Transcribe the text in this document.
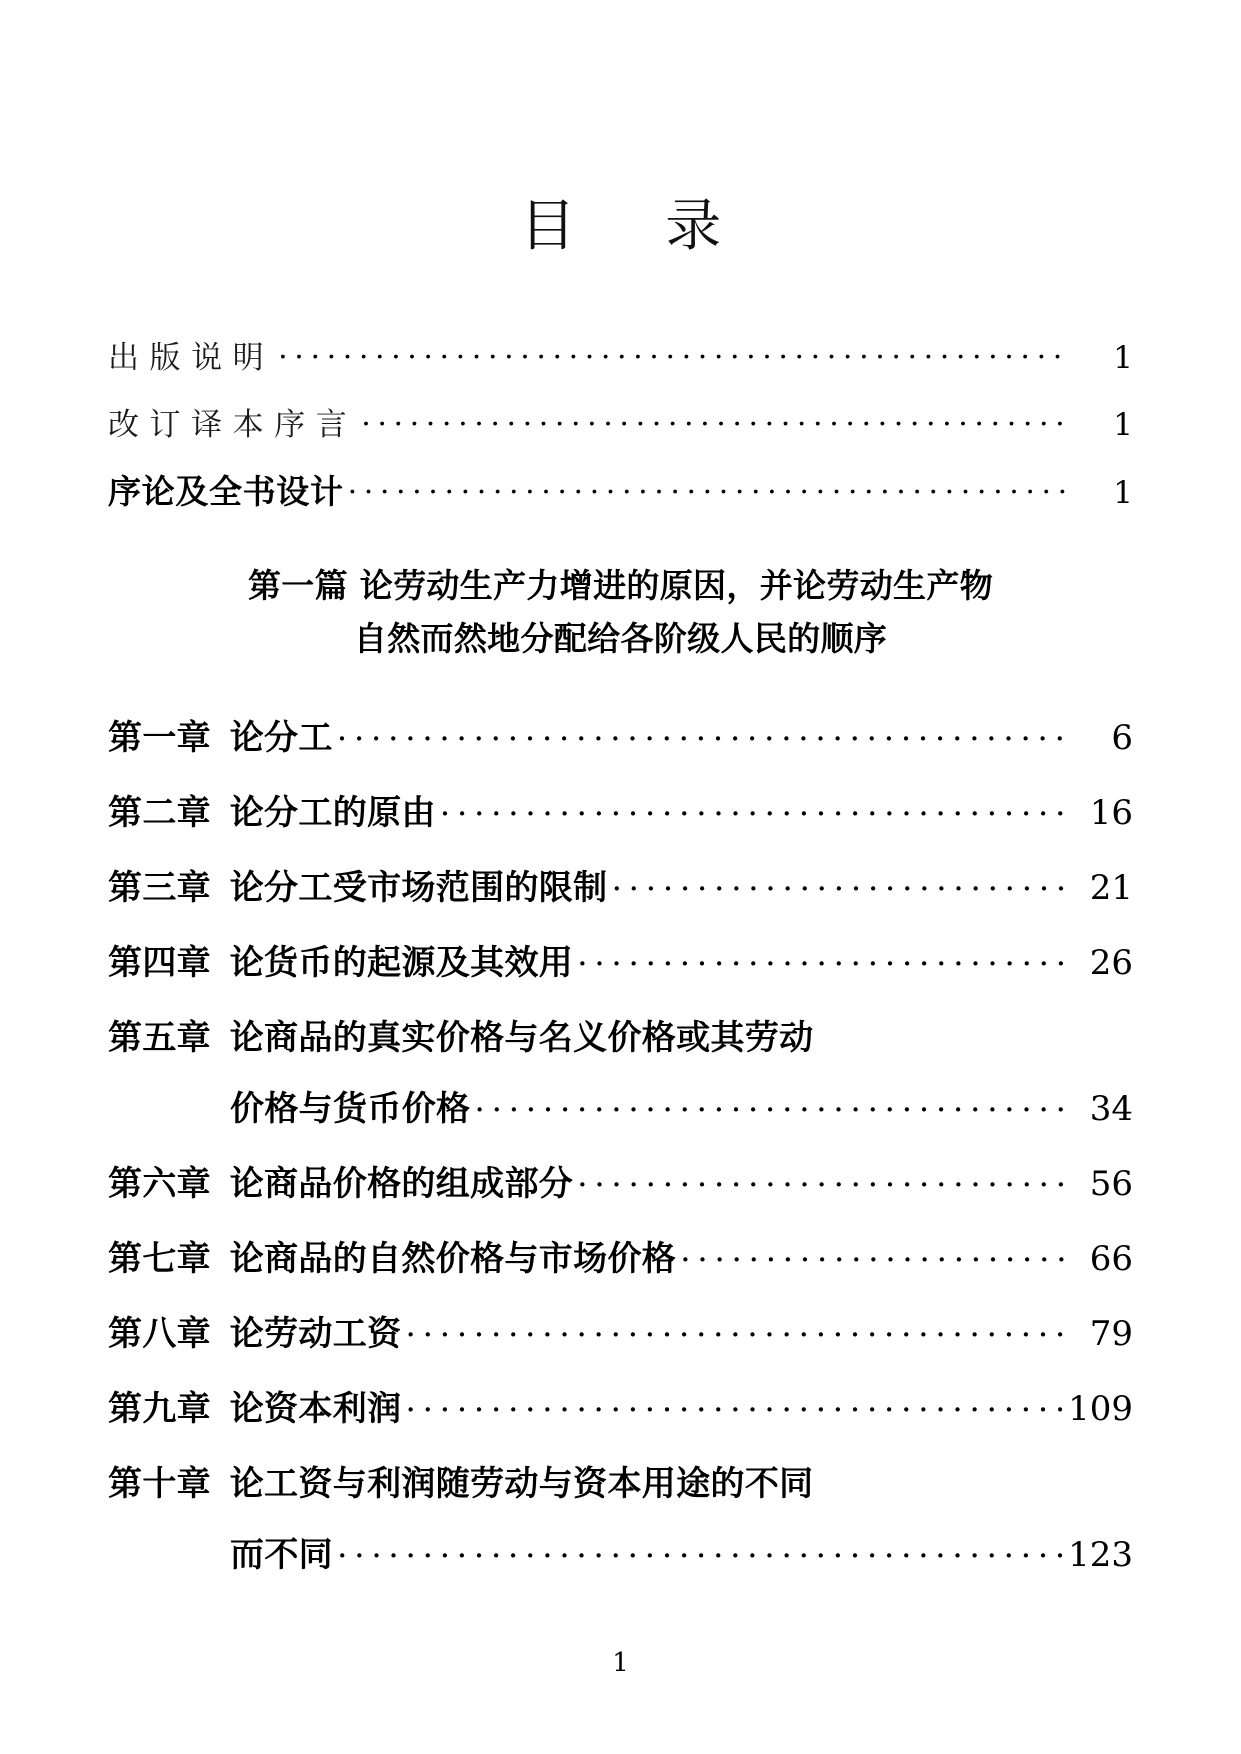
目　录
出版说明 .....	1
改订译本序言 .....	1
序论及全书设计 .....	1
第一篇 论劳动生产力增进的原因，并论劳动生产物
自然而然地分配给各阶级人民的顺序
第一章 论分工 .....	6
第二章 论分工的原由 .....	16
第三章 论分工受市场范围的限制 .....	21
第四章 论货币的起源及其效用 .....	26
第五章 论商品的真实价格与名义价格或其劳动
价格与货币价格 .....	34
第六章 论商品价格的组成部分 .....	56
第七章 论商品的自然价格与市场价格 .....	66
第八章 论劳动工资 .....	79
第九章 论资本利润 .....	109
第十章 论工资与利润随劳动与资本用途的不同
而不同 .....	123
1
